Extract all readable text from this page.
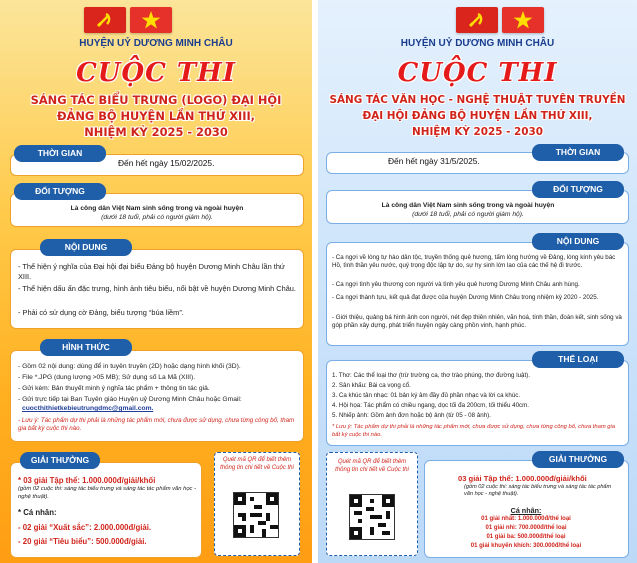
HUYỆN UỶ DƯƠNG MINH CHÂU
CUỘC THI
SÁNG TÁC BIỂU TRƯNG (LOGO) ĐẠI HỘI
ĐẢNG BỘ HUYỆN LẦN THỨ XIII,
NHIỆM KỲ 2025 - 2030
THỜI GIAN
Đến hết ngày 15/02/2025.
ĐỐI TƯỢNG
Là công dân Việt Nam sinh sống trong và ngoài huyện
(dưới 18 tuổi, phải có người giám hộ).
NỘI DUNG
- Thể hiện ý nghĩa của Đại hội đại biểu Đảng bộ huyện Dương Minh Châu lần thứ XIII.
- Thể hiện dấu ấn đặc trưng, hình ảnh tiêu biểu, nổi bật về huyện Dương Minh Châu.
- Phải có sử dụng cờ Đảng, biểu tượng “búa liềm”.
HÌNH THỨC
- Gồm 02 nội dung: dùng để in tuyên truyền (2D) hoặc dạng hình khối (3D).
- File *.JPG (dung lượng >05 MB); Sử dụng số La Mã (XIII).
- Gửi kèm: Bản thuyết minh ý nghĩa tác phẩm + thông tin tác giả.
- Gửi trực tiếp tại Ban Tuyên giáo Huyện uỷ Dương Minh Châu hoặc Gmail:
cuocthithietkebieutrungdmc@gmail.com.
- Lưu ý: Tác phẩm dự thi phải là những tác phẩm mới, chưa được sử dụng, chưa từng công bố, tham gia bất kỳ cuộc thi nào.
GIẢI THƯỞNG
* 03 giải Tập thể: 1.000.000đ/giải/khối
(gồm 02 cuộc thi: sáng tác biểu trưng và sáng tác tác phẩm văn học - nghệ thuật).
* Cá nhân:
- 02 giải “Xuất sắc”: 2.000.000đ/giải.
- 20 giải “Tiêu biểu”: 500.000đ/giải.
Quét mã QR để biết thêm thông tin chi tiết về Cuộc thi
HUYỆN UỶ DƯƠNG MINH CHÂU
CUỘC THI
SÁNG TÁC VĂN HỌC - NGHỆ THUẬT TUYÊN TRUYỀN
ĐẠI HỘI ĐẢNG BỘ HUYỆN LẦN THỨ XIII,
NHIỆM KỲ 2025 - 2030
THỜI GIAN
Đến hết ngày 31/5/2025.
ĐỐI TƯỢNG
Là công dân Việt Nam sinh sống trong và ngoài huyện
(dưới 18 tuổi, phải có người giám hộ).
NỘI DUNG
- Ca ngợi về lòng tự hào dân tộc, truyền thống quê hương, tấm lòng hướng về Đảng, lòng kính yêu bác Hồ, tình thần yêu nước, quý trọng độc lập tự do, sự hy sinh lớn lao của các thế hệ đi trước.
- Ca ngợi tình yêu thương con người và tình yêu quê hương Dương Minh Châu anh hùng.
- Ca ngợi thành tựu, kết quả đạt được của huyện Dương Minh Châu trong nhiệm kỳ 2020 - 2025.
- Giới thiệu, quảng bá hình ảnh con người, nét đẹp thiên nhiên, văn hoá, tính thần, đoàn kết, sinh sống và góp phần xây dựng, phát triển huyện ngày càng phồn vinh, hạnh phúc.
THỂ LOẠI
1. Thơ: Các thể loại thơ (trừ trường ca, thơ trào phúng, thơ đường luật).
2. Sân khấu: Bài ca vọng cổ.
3. Ca khúc tân nhạc: 01 bản ký âm đầy đủ phần nhạc và lời ca khúc.
4. Hội họa: Tác phẩm có chiều ngang, dọc tối đa 200cm, tối thiểu 40cm.
5. Nhiếp ảnh: Gồm ảnh đơn hoặc bộ ảnh (từ 05 - 08 ảnh).
* Lưu ý: Tác phẩm dự thi phải là những tác phẩm mới, chưa được sử dụng, chưa từng công bố, chưa tham gia bất kỳ cuộc thi nào.
Quét mã QR để biết thêm thông tin chi tiết về Cuộc thi
GIẢI THƯỞNG
03 giải Tập thể: 1.000.000đ/giải/khối
(gồm 02 cuộc thi: sáng tác biểu trưng và sáng tác tác phẩm văn học - nghệ thuật).
Cá nhân:
01 giải nhất: 1.000.000đ/thể loại
01 giải nhì: 700.000đ/thể loại
01 giải ba: 500.000đ/thể loại
01 giải khuyến khích: 300.000đ/thể loại
